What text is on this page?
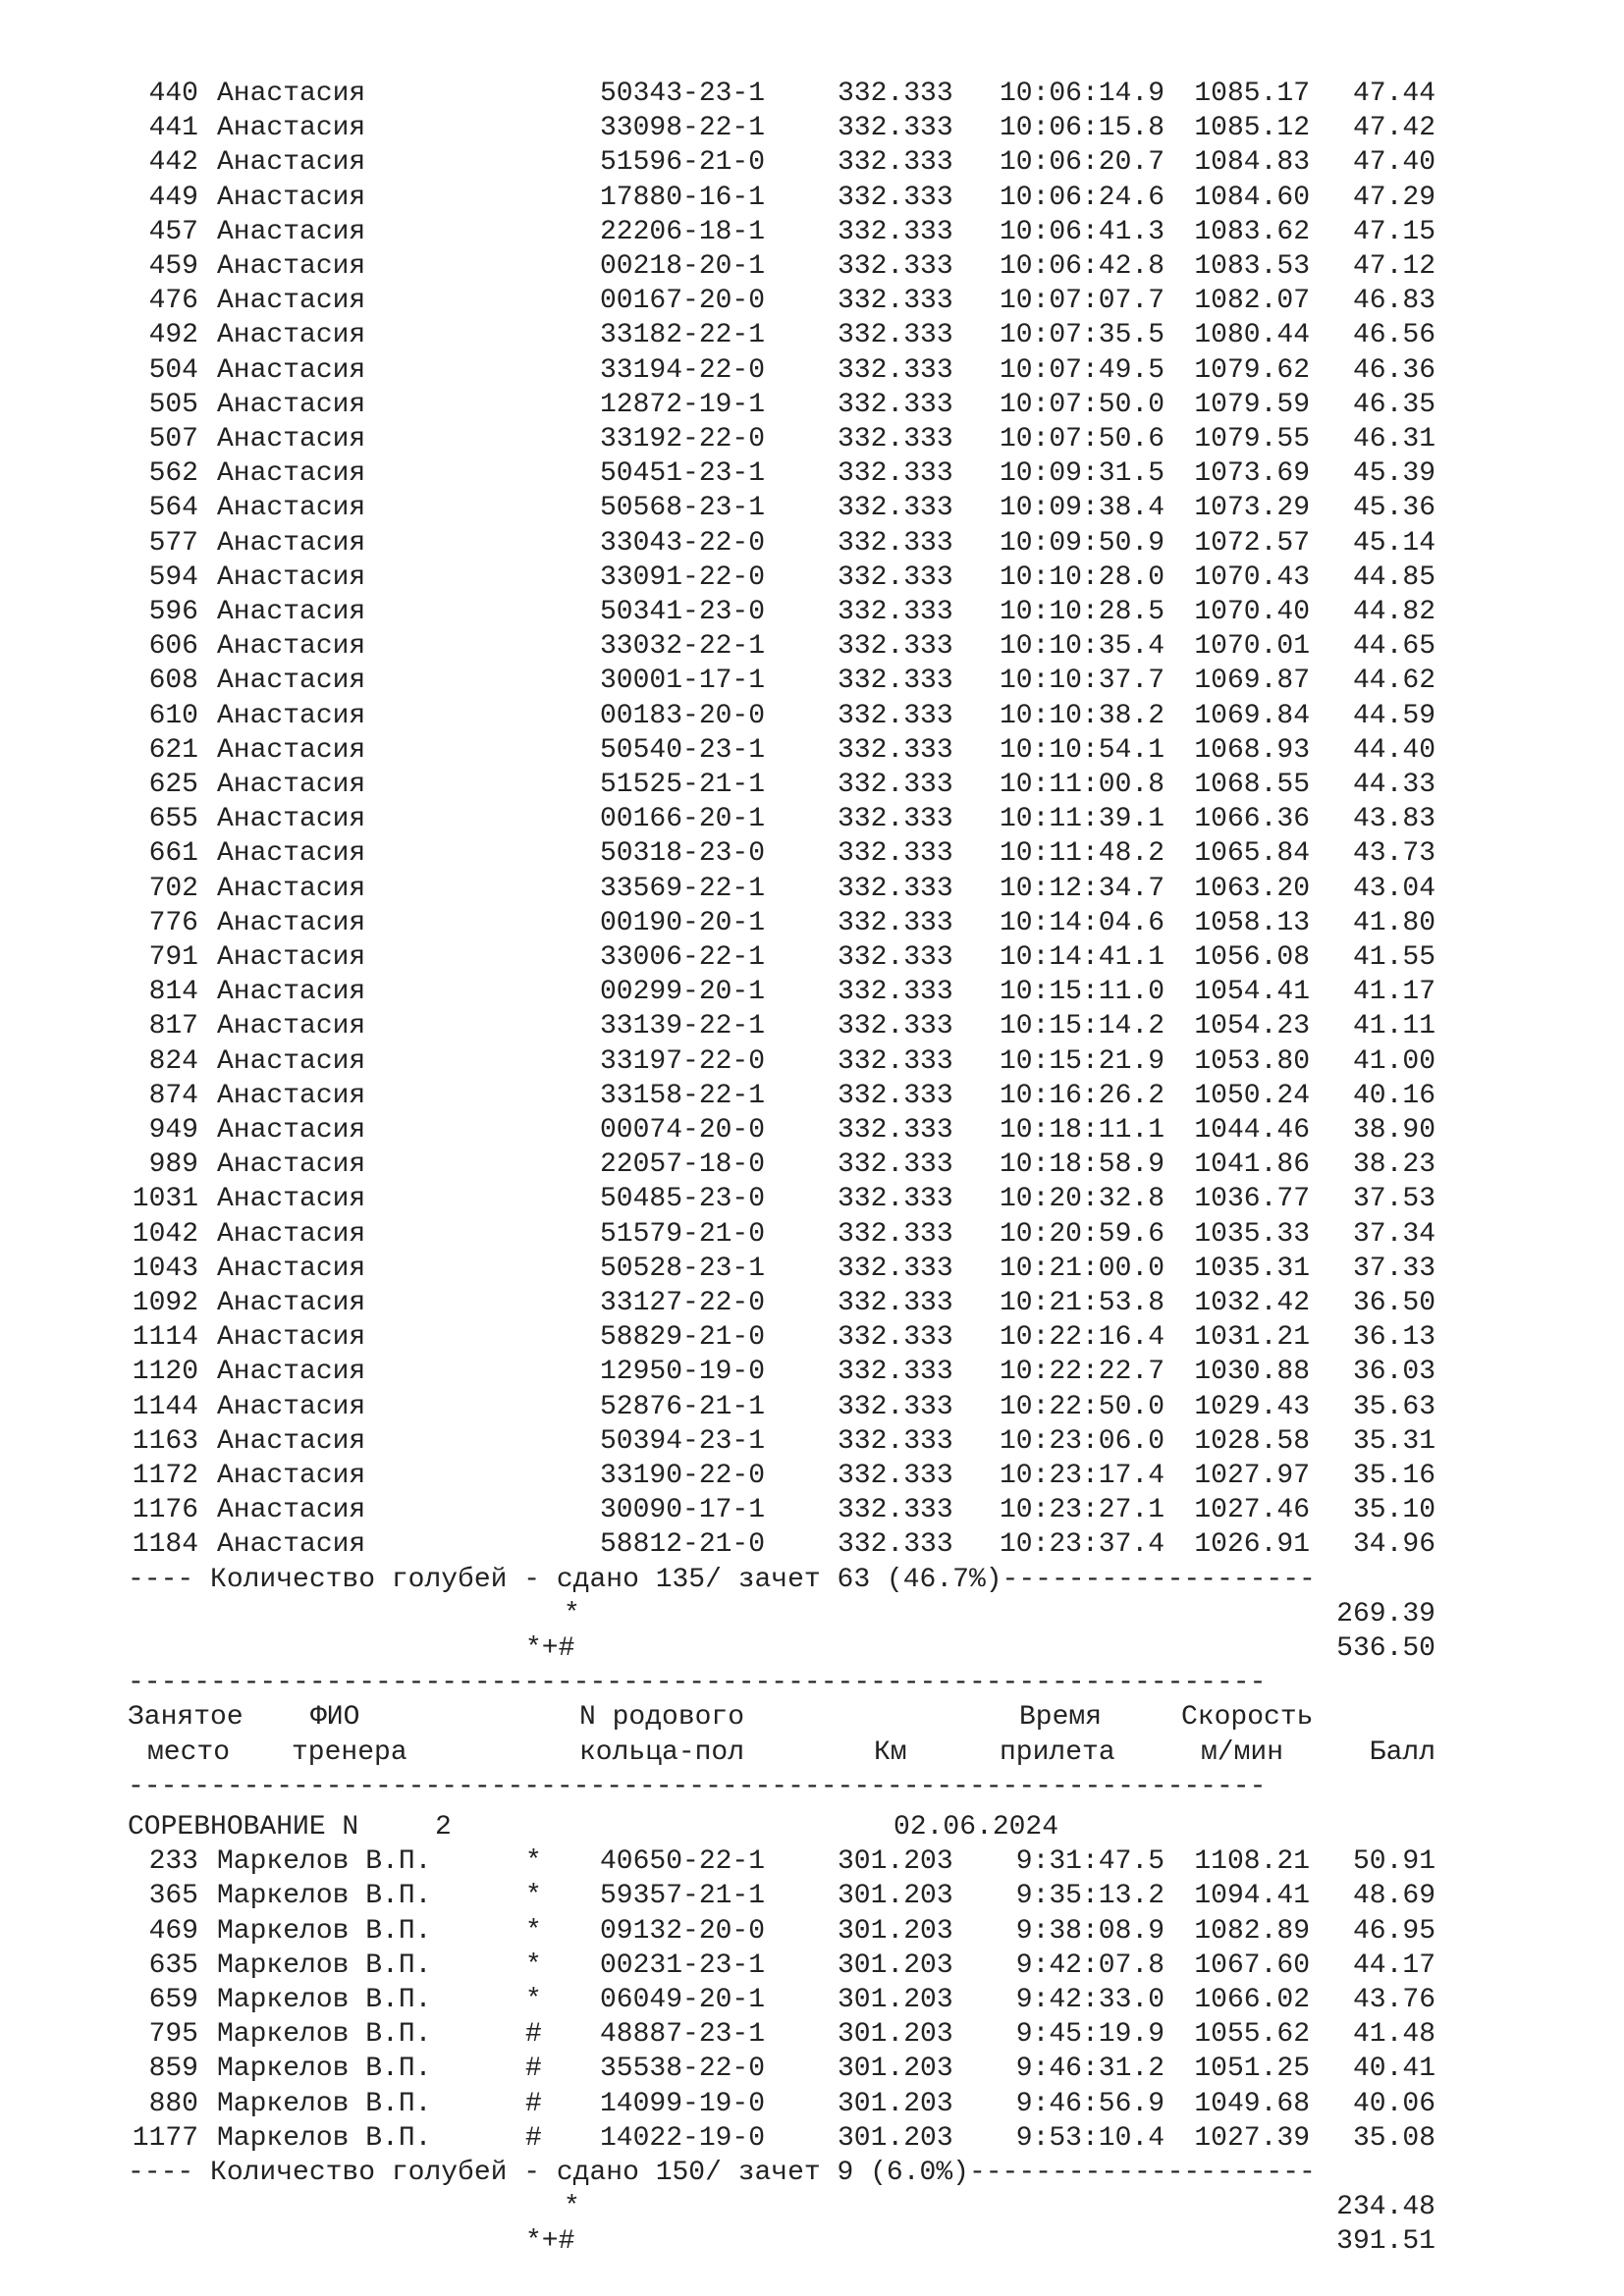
440 Анастасия	50343-23-1	332.333 10:06:14.9 1085.17 47.44
441 Анастасия	33098-22-1	332.333 10:06:15.8 1085.12 47.42
442 Анастасия	51596-21-0	332.333 10:06:20.7 1084.83 47.40
449 Анастасия	17880-16-1	332.333 10:06:24.6 1084.60 47.29
457 Анастасия	22206-18-1	332.333 10:06:41.3 1083.62 47.15
459 Анастасия	00218-20-1	332.333 10:06:42.8 1083.53 47.12
476 Анастасия	00167-20-0	332.333 10:07:07.7 1082.07 46.83
492 Анастасия	33182-22-1	332.333 10:07:35.5 1080.44 46.56
504 Анастасия	33194-22-0	332.333 10:07:49.5 1079.62 46.36
505 Анастасия	12872-19-1	332.333 10:07:50.0 1079.59 46.35
507 Анастасия	33192-22-0	332.333 10:07:50.6 1079.55 46.31
562 Анастасия	50451-23-1	332.333 10:09:31.5 1073.69 45.39
564 Анастасия	50568-23-1	332.333 10:09:38.4 1073.29 45.36
577 Анастасия	33043-22-0	332.333 10:09:50.9 1072.57 45.14
594 Анастасия	33091-22-0	332.333 10:10:28.0 1070.43 44.85
596 Анастасия	50341-23-0	332.333 10:10:28.5 1070.40 44.82
606 Анастасия	33032-22-1	332.333 10:10:35.4 1070.01 44.65
608 Анастасия	30001-17-1	332.333 10:10:37.7 1069.87 44.62
610 Анастасия	00183-20-0	332.333 10:10:38.2 1069.84 44.59
621 Анастасия	50540-23-1	332.333 10:10:54.1 1068.93 44.40
625 Анастасия	51525-21-1	332.333 10:11:00.8 1068.55 44.33
655 Анастасия	00166-20-1	332.333 10:11:39.1 1066.36 43.83
661 Анастасия	50318-23-0	332.333 10:11:48.2 1065.84 43.73
702 Анастасия	33569-22-1	332.333 10:12:34.7 1063.20 43.04
776 Анастасия	00190-20-1	332.333 10:14:04.6 1058.13 41.80
791 Анастасия	33006-22-1	332.333 10:14:41.1 1056.08 41.55
814 Анастасия	00299-20-1	332.333 10:15:11.0 1054.41 41.17
817 Анастасия	33139-22-1	332.333 10:15:14.2 1054.23 41.11
824 Анастасия	33197-22-0	332.333 10:15:21.9 1053.80 41.00
874 Анастасия	33158-22-1	332.333 10:16:26.2 1050.24 40.16
949 Анастасия	00074-20-0	332.333 10:18:11.1 1044.46 38.90
989 Анастасия	22057-18-0	332.333 10:18:58.9 1041.86 38.23
1031 Анастасия	50485-23-0	332.333 10:20:32.8 1036.77 37.53
1042 Анастасия	51579-21-0	332.333 10:20:59.6 1035.33 37.34
1043 Анастасия	50528-23-1	332.333 10:21:00.0 1035.31 37.33
1092 Анастасия	33127-22-0	332.333 10:21:53.8 1032.42 36.50
1114 Анастасия	58829-21-0	332.333 10:22:16.4 1031.21 36.13
1120 Анастасия	12950-19-0	332.333 10:22:22.7 1030.88 36.03
1144 Анастасия	52876-21-1	332.333 10:22:50.0 1029.43 35.63
1163 Анастасия	50394-23-1	332.333 10:23:06.0 1028.58 35.31
1172 Анастасия	33190-22-0	332.333 10:23:17.4 1027.97 35.16
1176 Анастасия	30090-17-1	332.333 10:23:27.1 1027.46 35.10
1184 Анастасия	58812-21-0	332.333 10:23:37.4 1026.91 34.96
---- Количество голубей - сдано 135/ зачет 63 (46.7%)-------------------
*	269.39
*+#	536.50
---------------------------------------------------------------------
Занятое ФИО	N родового	Время	Скорость
место тренера	кольца-пол	Км	прилета	м/мин	Балл
---------------------------------------------------------------------
СОРЕВНОВАНИЕ N	2	02.06.2024
233 Маркелов В.П.	* 40650-22-1	301.203 9:31:47.5 1108.21 50.91
365 Маркелов В.П.	* 59357-21-1	301.203 9:35:13.2 1094.41 48.69
469 Маркелов В.П.	* 09132-20-0	301.203 9:38:08.9 1082.89 46.95
635 Маркелов В.П.	* 00231-23-1	301.203 9:42:07.8 1067.60 44.17
659 Маркелов В.П.	* 06049-20-1	301.203 9:42:33.0 1066.02 43.76
795 Маркелов В.П.	# 48887-23-1	301.203 9:45:19.9 1055.62 41.48
859 Маркелов В.П.	# 35538-22-0	301.203 9:46:31.2 1051.25 40.41
880 Маркелов В.П.	# 14099-19-0	301.203 9:46:56.9 1049.68 40.06
1177 Маркелов В.П.	# 14022-19-0	301.203 9:53:10.4 1027.39 35.08
---- Количество голубей - сдано 150/ зачет 9 (6.0%)---------------------
*	234.48
*+#	391.51
